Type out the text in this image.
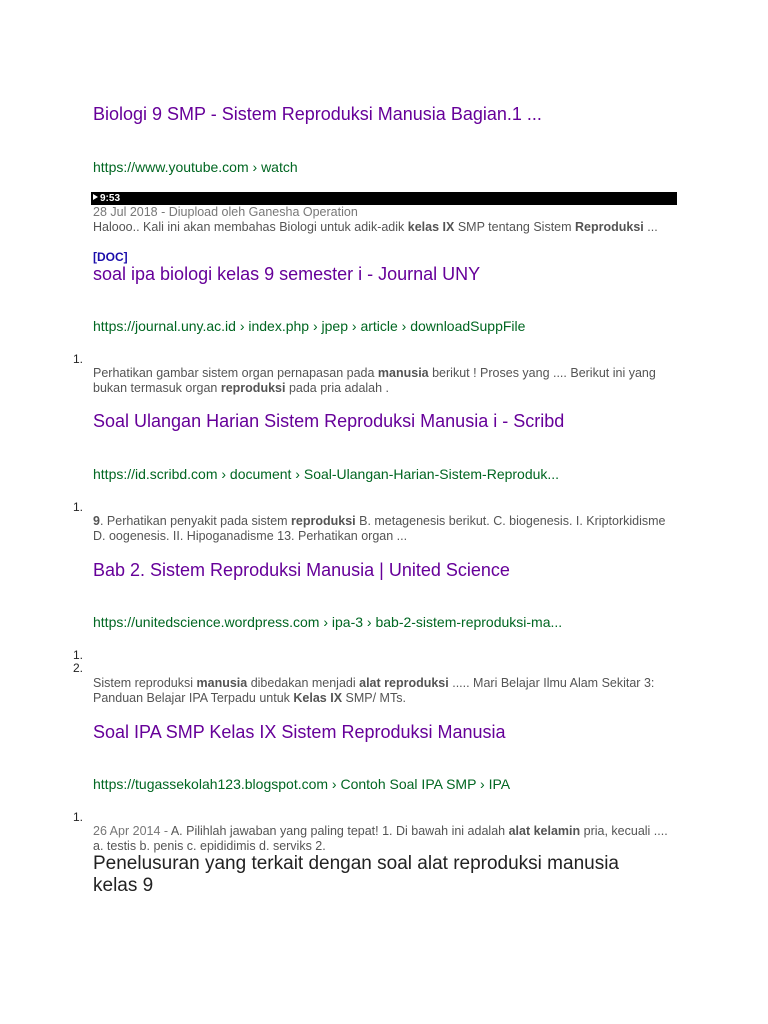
Biologi 9 SMP - Sistem Reproduksi Manusia Bagian.1 ...
https://www.youtube.com › watch
9:53
28 Jul 2018 - Diupload oleh Ganesha Operation
Halooo.. Kali ini akan membahas Biologi untuk adik-adik kelas IX SMP tentang Sistem Reproduksi ...
[DOC]
soal ipa biologi kelas 9 semester i - Journal UNY
https://journal.uny.ac.id › index.php › jpep › article › downloadSuppFile
1.
Perhatikan gambar sistem organ pernapasan pada manusia berikut ! Proses yang .... Berikut ini yang bukan termasuk organ reproduksi pada pria adalah .
Soal Ulangan Harian Sistem Reproduksi Manusia i - Scribd
https://id.scribd.com › document › Soal-Ulangan-Harian-Sistem-Reproduk...
1.
9. Perhatikan penyakit pada sistem reproduksi B. metagenesis berikut. C. biogenesis. I. Kriptorkidisme D. oogenesis. II. Hipoganadisme 13. Perhatikan organ ...
Bab 2. Sistem Reproduksi Manusia | United Science
https://unitedscience.wordpress.com › ipa-3 › bab-2-sistem-reproduksi-ma...
1.
2.
Sistem reproduksi manusia dibedakan menjadi alat reproduksi ..... Mari Belajar Ilmu Alam Sekitar 3: Panduan Belajar IPA Terpadu untuk Kelas IX SMP/ MTs.
Soal IPA SMP Kelas IX Sistem Reproduksi Manusia
https://tugassekolah123.blogspot.com › Contoh Soal IPA SMP › IPA
1.
26 Apr 2014 - A. Pilihlah jawaban yang paling tepat! 1. Di bawah ini adalah alat kelamin pria, kecuali .... a. testis b. penis c. epididimis d. serviks 2.
Penelusuran yang terkait dengan soal alat reproduksi manusia kelas 9
